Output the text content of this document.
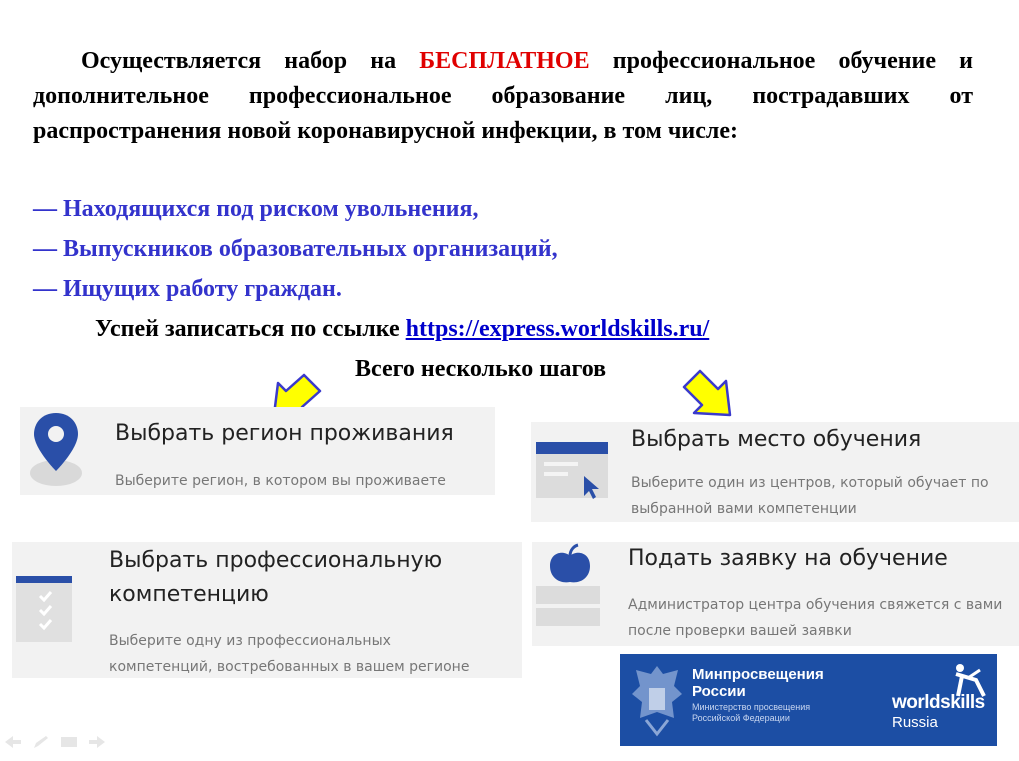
Осуществляется набор на БЕСПЛАТНОЕ профессиональное обучение и дополнительное профессиональное образование лиц, пострадавших от распространения новой коронавирусной инфекции, в том числе:
— Находящихся под риском увольнения,
— Выпускников образовательных организаций,
— Ищущих работу граждан.
Успей записаться по ссылке https://express.worldskills.ru/
Всего несколько шагов
Выбрать регион проживания
Выберите регион, в котором вы проживаете
Выбрать место обучения
Выберите один из центров, который обучает по
выбранной вами компетенции
Выбрать профессиональную
компетенцию
Выберите одну из профессиональных
компетенций, востребованных в вашем регионе
Подать заявку на обучение
Администратор центра обучения свяжется с вами
после проверки вашей заявки
Минпросвещения
России
Министерство просвещения
Российской Федерации
worldskills
Russia
